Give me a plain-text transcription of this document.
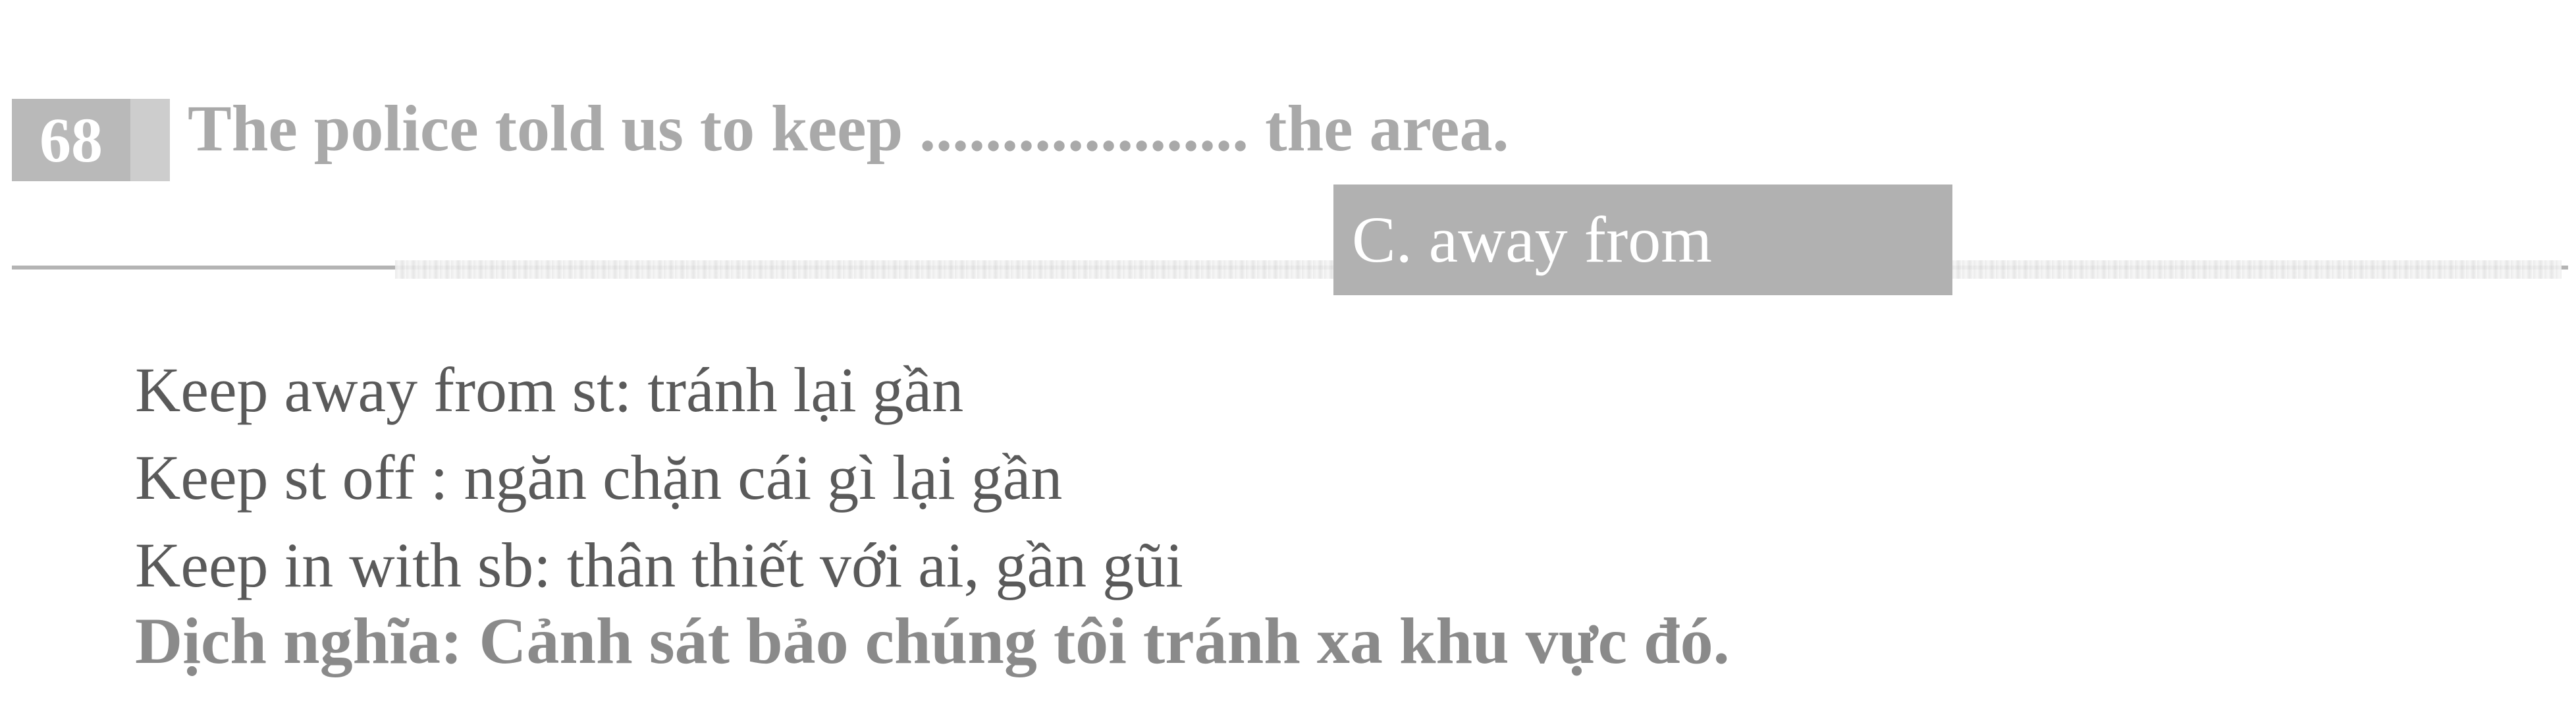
68	The police told us to keep .................... the area.
C. away from
Keep away from st: tránh lại gần
Keep st off : ngăn chặn cái gì lại gần
Keep in with sb: thân thiết với ai, gần gũi
Dịch nghĩa: Cảnh sát bảo chúng tôi tránh xa khu vực đó.
